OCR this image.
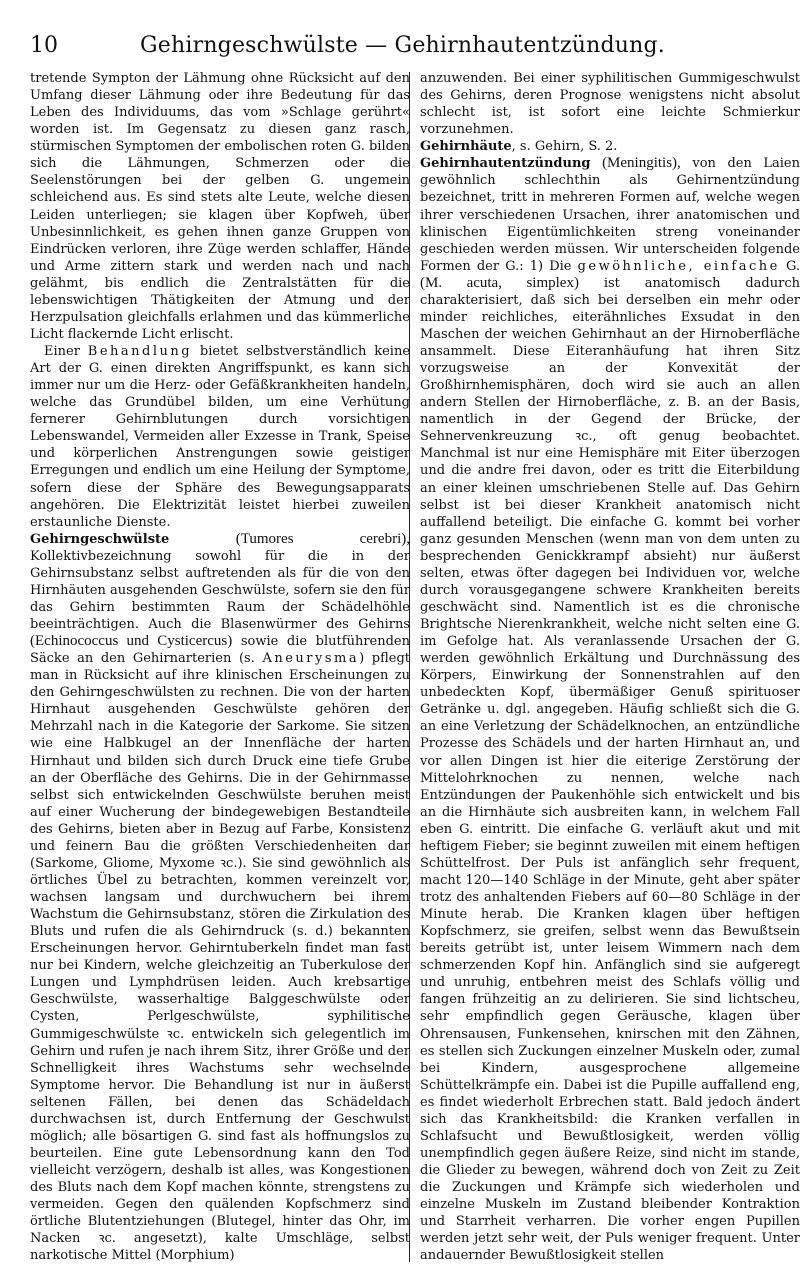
10	Gehirngeschwülste — Gehirnhautentzündung.

tretende Sympton der Lähmung ohne Rücksicht auf den Umfang dieser Lähmung oder ihre Bedeutung für das Leben des Individuums, das vom »Schlage gerührt« worden ist. Im Gegensatz zu diesen ganz rasch, stürmischen Symptomen der embolischen roten G. bilden sich die Lähmungen, Schmerzen oder die Seelenstörungen bei der gelben G. ungemein schleichend aus. Es sind stets alte Leute, welche diesen Leiden unterliegen; sie klagen über Kopfweh, über Unbesinnlichkeit, es gehen ihnen ganze Gruppen von Eindrücken verloren, ihre Züge werden schlaffer, Hände und Arme zittern stark und werden nach und nach gelähmt, bis endlich die Zentralstätten für die lebenswichtigen Thätigkeiten der Atmung und der Herzpulsation gleichfalls erlahmen und das kümmerliche Licht flackernde Licht erlischt.

Einer Behandlung bietet selbstverständlich keine Art der G. einen direkten Angriffspunkt, es kann sich immer nur um die Herz- oder Gefäßkrankheiten handeln, welche das Grundübel bilden, um eine Verhütung fernerer Gehirnblutungen durch vorsichtigen Lebenswandel, Vermeiden aller Exzesse in Trank, Speise und körperlichen Anstrengungen sowie geistiger Erregungen und endlich um eine Heilung der Symptome, sofern diese der Sphäre des Bewegungsapparats angehören. Die Elektrizität leistet hierbei zuweilen erstaunliche Dienste.

Gehirngeschwülste	(Tumores cerebri), Kollektivbezeichnung sowohl für die in der Gehirnsubstanz selbst auftretenden als für die von den Hirnhäuten ausgehenden Geschwülste, sofern sie den für das Gehirn bestimmten Raum der Schädelhöhle beeinträchtigen. Auch die Blasenwürmer des Gehirns (Echinococcus und Cysticercus) sowie die blutführenden Säcke an den Gehirnarterien (s. Aneurysma) pflegt man in Rücksicht auf ihre klinischen Erscheinungen zu den Gehirngeschwülsten zu rechnen. Die von der harten Hirnhaut ausgehenden Geschwülste gehören der Mehrzahl nach in die Kategorie der Sarkome. Sie sitzen wie eine Halbkugel an der Innenfläche der harten Hirnhaut und bilden sich durch Druck eine tiefe Grube an der Oberfläche des Gehirns. Die in der Gehirnmasse selbst sich entwickelnden Geschwülste beruhen meist auf einer Wucherung der bindegewebigen Bestandteile des Gehirns, bieten aber in Bezug auf Farbe, Konsistenz und feinern Bau die größten Verschiedenheiten dar (Sarkome, Gliome, Myxome ꝛc.). Sie sind gewöhnlich als örtliches Übel zu betrachten, kommen vereinzelt vor, wachsen langsam und durchwuchern bei ihrem Wachstum die Gehirnsubstanz, stören die Zirkulation des Bluts und rufen die als Gehirndruck (s. d.) bekannten Erscheinungen hervor. Gehirntuberkeln findet man fast nur bei Kindern, welche gleichzeitig an Tuberkulose der Lungen und Lymphdrüsen leiden. Auch krebsartige Geschwülste, wasserhaltige Balggeschwülste oder Cysten, Perlgeschwülste, syphilitische Gummigeschwülste ꝛc. entwickeln sich gelegentlich im Gehirn und rufen je nach ihrem Sitz, ihrer Größe und der Schnelligkeit ihres Wachstums sehr wechselnde Symptome hervor. Die Behandlung ist nur in äußerst seltenen Fällen, bei denen das Schädeldach durchwachsen ist, durch Entfernung der Geschwulst möglich; alle bösartigen G. sind fast als hoffnungslos zu beurteilen. Eine gute Lebensordnung kann den Tod vielleicht verzögern, deshalb ist alles, was Kongestionen des Bluts nach dem Kopf machen könnte, strengstens zu vermeiden. Gegen den quälenden Kopfschmerz sind örtliche Blutentziehungen (Blutegel, hinter das Ohr, im Nacken ꝛc. angesetzt), kalte Umschläge, selbst narkotische Mittel (Morphium)

anzuwenden. Bei einer syphilitischen Gummigeschwulst des Gehirns, deren Prognose wenigstens nicht absolut schlecht ist, ist sofort eine leichte Schmierkur vorzunehmen.

Gehirnhäute, s. Gehirn, S. 2.

Gehirnhautentzündung (Meningitis), von den Laien gewöhnlich schlechthin als Gehirnentzündung bezeichnet, tritt in mehreren Formen auf, welche wegen ihrer verschiedenen Ursachen, ihrer anatomischen und klinischen Eigentümlichkeiten streng voneinander geschieden werden müssen. Wir unterscheiden folgende Formen der G.: 1) Die gewöhnliche, einfache G. (M. acuta, simplex) ist anatomisch dadurch charakterisiert, daß sich bei derselben ein mehr oder minder reichliches, eiterähnliches Exsudat in den Maschen der weichen Gehirnhaut an der Hirnoberfläche ansammelt. Diese Eiteranhäufung hat ihren Sitz vorzugsweise an der Konvexität der Großhirnhemisphären, doch wird sie auch an allen andern Stellen der Hirnoberfläche, z. B. an der Basis, namentlich in der Gegend der Brücke, der Sehnervenkreuzung ꝛc., oft genug beobachtet. Manchmal ist nur eine Hemisphäre mit Eiter überzogen und die andre frei davon, oder es tritt die Eiterbildung an einer kleinen umschriebenen Stelle auf. Das Gehirn selbst ist bei dieser Krankheit anatomisch nicht auffallend beteiligt. Die einfache G. kommt bei vorher ganz gesunden Menschen (wenn man von dem unten zu besprechenden Genickkrampf absieht) nur äußerst selten, etwas öfter dagegen bei Individuen vor, welche durch vorausgegangene schwere Krankheiten bereits geschwächt sind. Namentlich ist es die chronische Brightsche Nierenkrankheit, welche nicht selten eine G. im Gefolge hat. Als veranlassende Ursachen der G. werden gewöhnlich Erkältung und Durchnässung des Körpers, Einwirkung der Sonnenstrahlen auf den unbedeckten Kopf, übermäßiger Genuß spirituoser Getränke u. dgl. angegeben. Häufig schließt sich die G. an eine Verletzung der Schädelknochen, an entzündliche Prozesse des Schädels und der harten Hirnhaut an, und vor allen Dingen ist hier die eiterige Zerstörung der Mittelohrknochen zu nennen, welche nach Entzündungen der Paukenhöhle sich entwickelt und bis an die Hirnhäute sich ausbreiten kann, in welchem Fall eben G. eintritt. Die einfache G. verläuft akut und mit heftigem Fieber; sie beginnt zuweilen mit einem heftigen Schüttelfrost. Der Puls ist anfänglich sehr frequent, macht 120—140 Schläge in der Minute, geht aber später trotz des anhaltenden Fiebers auf 60—80 Schläge in der Minute herab. Die Kranken klagen über heftigen Kopfschmerz, sie greifen, selbst wenn das Bewußtsein bereits getrübt ist, unter leisem Wimmern nach dem schmerzenden Kopf hin. Anfänglich sind sie aufgeregt und unruhig, entbehren meist des Schlafs völlig und fangen frühzeitig an zu delirieren. Sie sind lichtscheu, sehr empfindlich gegen Geräusche, klagen über Ohrensausen, Funkensehen, knirschen mit den Zähnen, es stellen sich Zuckungen einzelner Muskeln oder, zumal bei Kindern, ausgesprochene allgemeine Schüttelkrämpfe ein. Dabei ist die Pupille auffallend eng, es findet wiederholt Erbrechen statt. Bald jedoch ändert sich das Krankheitsbild: die Kranken verfallen in Schlafsucht und Bewußtlosigkeit, werden völlig unempfindlich gegen äußere Reize, sind nicht im stande, die Glieder zu bewegen, während doch von Zeit zu Zeit die Zuckungen und Krämpfe sich wiederholen und einzelne Muskeln im Zustand bleibender Kontraktion und Starrheit verharren. Die vorher engen Pupillen werden jetzt sehr weit, der Puls weniger frequent. Unter andauernder Bewußtlosigkeit stellen
